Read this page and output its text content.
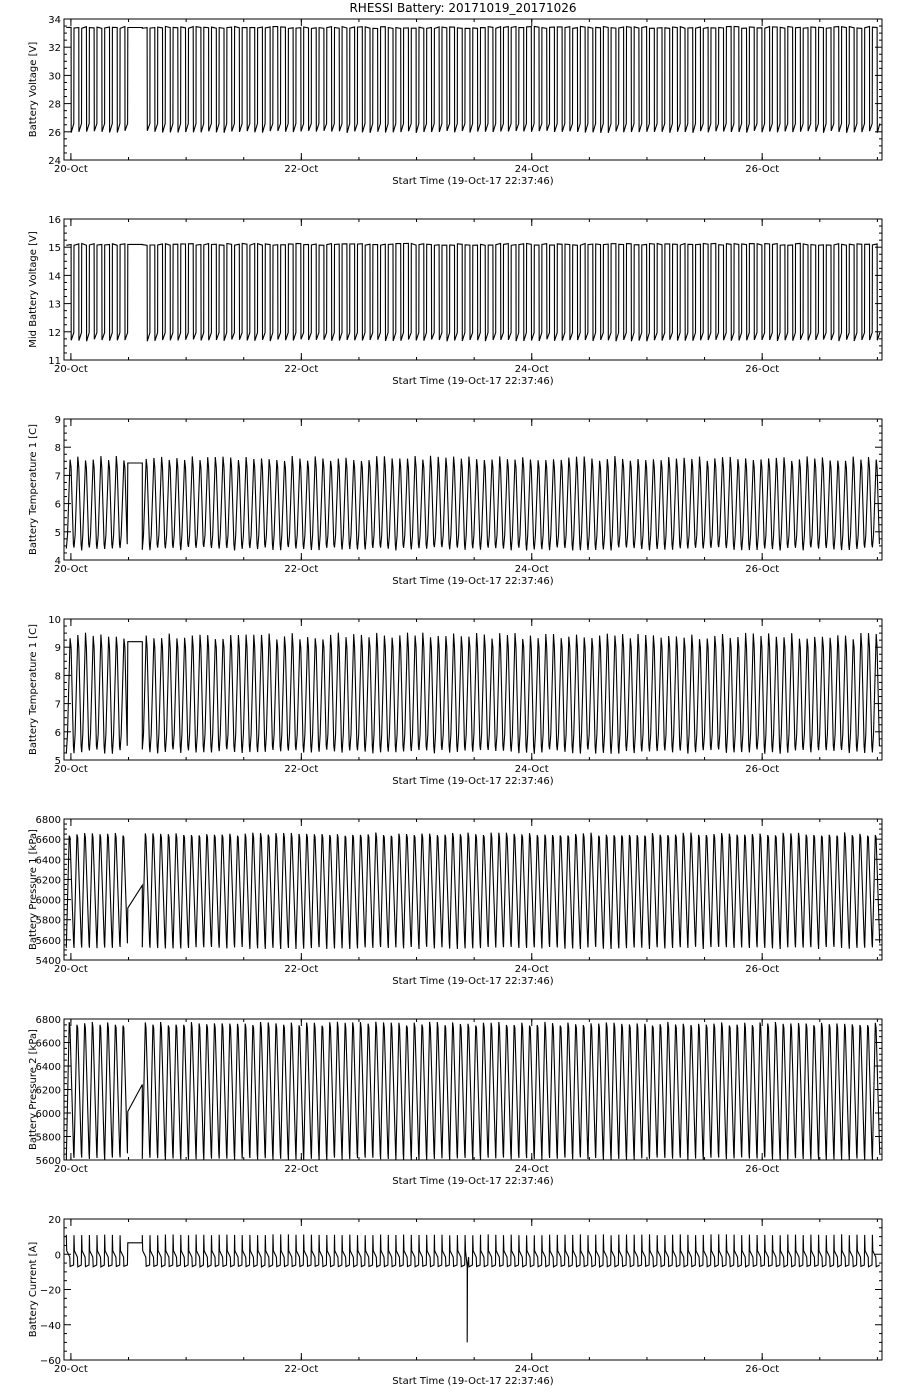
RHESSI Battery: 20171019_20171026
24
26
28
30
32
34
20-Oct	22-Oct	24-Oct	26-Oct
Start Time (19-Oct-17 22:37:46)
Battery Voltage [V]
11
12
13
14
15
16
20-Oct	22-Oct	24-Oct	26-Oct
Start Time (19-Oct-17 22:37:46)
Mid Battery Voltage [V]
4
5
6
7
8
9
20-Oct	22-Oct	24-Oct	26-Oct
Start Time (19-Oct-17 22:37:46)
Battery Temperature 1 [C]
5
6
7
8
9
10
20-Oct	22-Oct	24-Oct	26-Oct
Start Time (19-Oct-17 22:37:46)
Battery Temperature 1 [C]
5400
5600
5800
6000
6200
6400
6600
6800
20-Oct	22-Oct	24-Oct	26-Oct
Start Time (19-Oct-17 22:37:46)
Battery Pressure 1 [kPa]
5600
5800
6000
6200
6400
6600
6800
20-Oct	22-Oct	24-Oct	26-Oct
Start Time (19-Oct-17 22:37:46)
Battery Pressure 2 [kPa]
−60
−40
−20
0
20
20-Oct	22-Oct	24-Oct	26-Oct
Start Time (19-Oct-17 22:37:46)
Battery Current [A]
